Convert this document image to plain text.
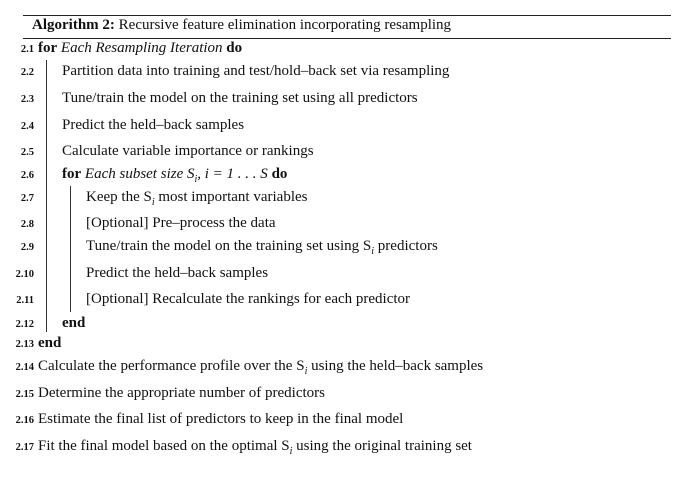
Algorithm 2: Recursive feature elimination incorporating resampling
2.1 for Each Resampling Iteration do
2.2 Partition data into training and test/hold–back set via resampling
2.3 Tune/train the model on the training set using all predictors
2.4 Predict the held–back samples
2.5 Calculate variable importance or rankings
2.6 for Each subset size $S_i$, i = 1 . . . S do
2.7	Keep the $S_i$ most important variables
2.8	[Optional] Pre–process the data
2.9	Tune/train the model on the training set using $S_i$ predictors
2.10	Predict the held–back samples
2.11	[Optional] Recalculate the rankings for each predictor
2.12 end
2.13 end
2.14 Calculate the performance profile over the $S_i$ using the held–back samples
2.15 Determine the appropriate number of predictors
2.16 Estimate the final list of predictors to keep in the final model
2.17 Fit the final model based on the optimal $S_i$ using the original training set
